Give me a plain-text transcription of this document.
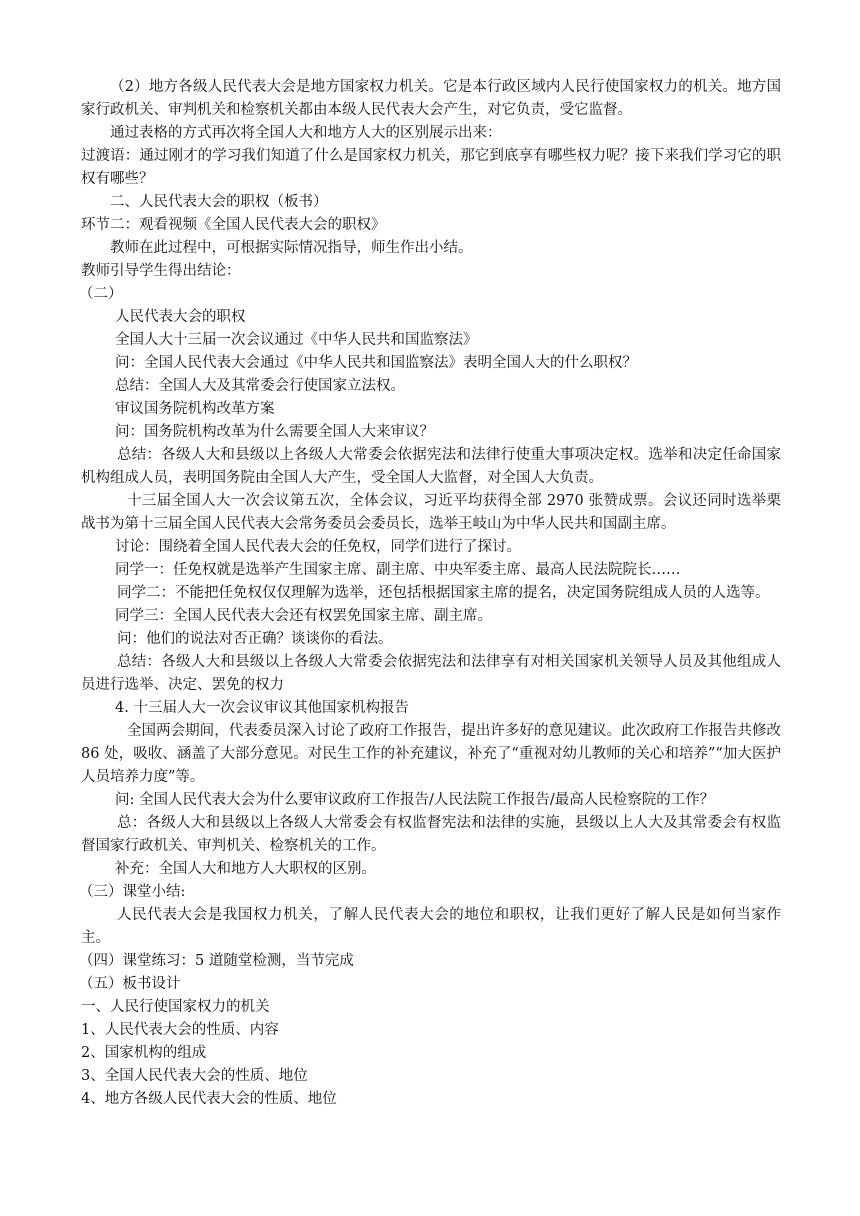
（2）地方各级人民代表大会是地方国家权力机关。它是本行政区域内人民行使国家权力的机关。地方国家行政机关、审判机关和检察机关都由本级人民代表大会产生，对它负责，受它监督。

通过表格的方式再次将全国人大和地方人大的区别展示出来：

过渡语：通过刚才的学习我们知道了什么是国家权力机关，那它到底享有哪些权力呢？接下来我们学习它的职权有哪些？

二、人民代表大会的职权（板书）

环节二：观看视频《全国人民代表大会的职权》

教师在此过程中，可根据实际情况指导，师生作出小结。

教师引导学生得出结论：

（二）

人民代表大会的职权

全国人大十三届一次会议通过《中华人民共和国监察法》

问：全国人民代表大会通过《中华人民共和国监察法》表明全国人大的什么职权？

总结：全国人大及其常委会行使国家立法权。

审议国务院机构改革方案

问：国务院机构改革为什么需要全国人大来审议？

总结：各级人大和县级以上各级人大常委会依据宪法和法律行使重大事项决定权。选举和决定任命国家机构组成人员，表明国务院由全国人大产生，受全国人大监督，对全国人大负责。

十三届全国人大一次会议第五次，全体会议，习近平均获得全部 2970 张赞成票。会议还同时选举栗战书为第十三届全国人民代表大会常务委员会委员长，选举王岐山为中华人民共和国副主席。

讨论：围绕着全国人民代表大会的任免权，同学们进行了探讨。

同学一：任免权就是选举产生国家主席、副主席、中央军委主席、最高人民法院院长……

同学二：不能把任免权仅仅理解为选举，还包括根据国家主席的提名，决定国务院组成人员的人选等。

同学三：全国人民代表大会还有权罢免国家主席、副主席。

问：他们的说法对否正确？谈谈你的看法。

总结：各级人大和县级以上各级人大常委会依据宪法和法律享有对相关国家机关领导人员及其他组成人员进行选举、决定、罢免的权力

4. 十三届人大一次会议审议其他国家机构报告

全国两会期间，代表委员深入讨论了政府工作报告，提出许多好的意见建议。此次政府工作报告共修改 86 处，吸收、涵盖了大部分意见。对民生工作的补充建议，补充了“重视对幼儿教师的关心和培养”“加大医护人员培养力度”等。

问: 全国人民代表大会为什么要审议政府工作报告/人民法院工作报告/最高人民检察院的工作？

总：各级人大和县级以上各级人大常委会有权监督宪法和法律的实施，县级以上人大及其常委会有权监督国家行政机关、审判机关、检察机关的工作。

补充：全国人大和地方人大职权的区别。

（三）课堂小结:

人民代表大会是我国权力机关，了解人民代表大会的地位和职权，让我们更好了解人民是如何当家作主。

（四）课堂练习：5 道随堂检测，当节完成

（五）板书设计

一、人民行使国家权力的机关

1、人民代表大会的性质、内容

2、国家机构的组成

3、全国人民代表大会的性质、地位

4、地方各级人民代表大会的性质、地位
